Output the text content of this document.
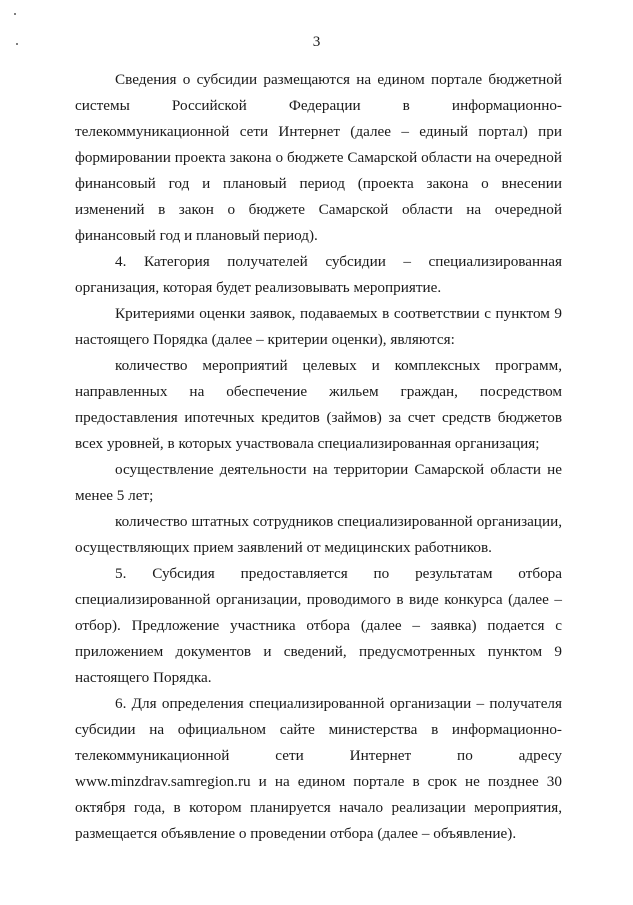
3

Сведения о субсидии размещаются на едином портале бюджетной системы Российской Федерации в информационно-телекоммуникационной сети Интернет (далее – единый портал) при формировании проекта закона о бюджете Самарской области на очередной финансовый год и плановый период (проекта закона о внесении изменений в закон о бюджете Самарской области на очередной финансовый год и плановый период).

4. Категория получателей субсидии – специализированная организация, которая будет реализовывать мероприятие.

Критериями оценки заявок, подаваемых в соответствии с пунктом 9 настоящего Порядка (далее – критерии оценки), являются:

количество мероприятий целевых и комплексных программ, направленных на обеспечение жильем граждан, посредством предоставления ипотечных кредитов (займов) за счет средств бюджетов всех уровней, в которых участвовала специализированная организация;

осуществление деятельности на территории Самарской области не менее 5 лет;

количество штатных сотрудников специализированной организации, осуществляющих прием заявлений от медицинских работников.

5. Субсидия предоставляется по результатам отбора специализированной организации, проводимого в виде конкурса (далее – отбор). Предложение участника отбора (далее – заявка) подается с приложением документов и сведений, предусмотренных пунктом 9 настоящего Порядка.

6. Для определения специализированной организации – получателя субсидии на официальном сайте министерства в информационно-телекоммуникационной сети Интернет по адресу www.minzdrav.samregion.ru и на едином портале в срок не позднее 30 октября года, в котором планируется начало реализации мероприятия, размещается объявление о проведении отбора (далее – объявление).
